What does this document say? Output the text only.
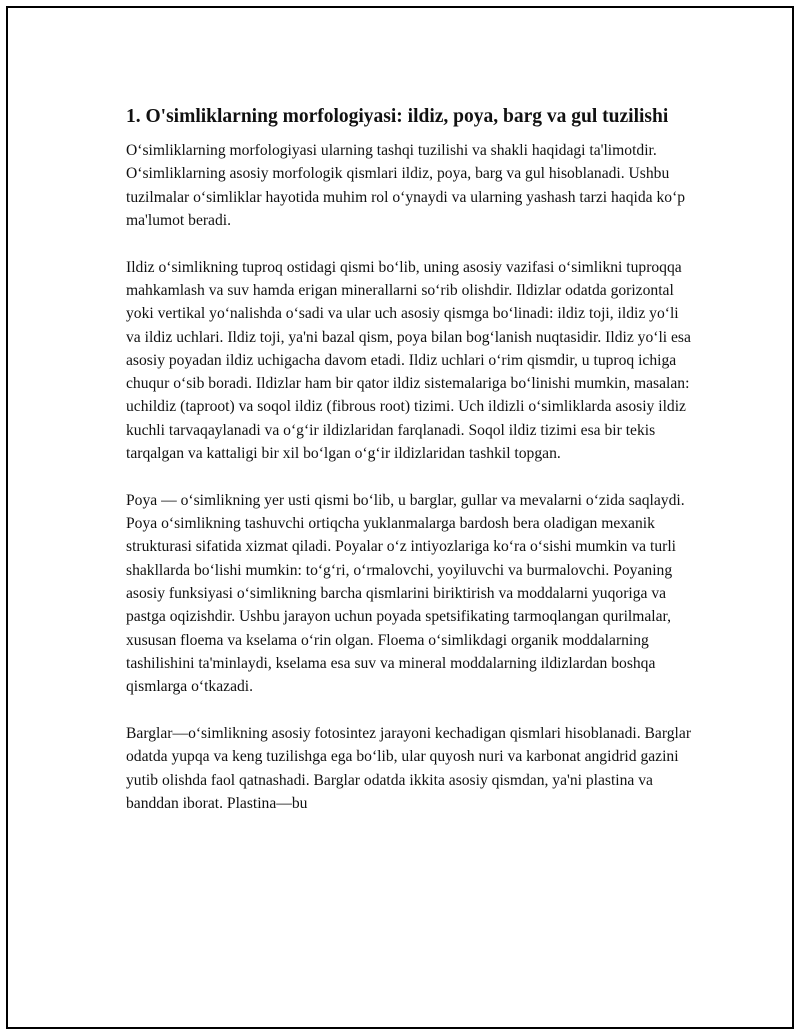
1. O'simliklarning morfologiyasi: ildiz, poya, barg va gul tuzilishi

O‘simliklarning morfologiyasi ularning tashqi tuzilishi va shakli haqidagi ta'limotdir. O‘simliklarning asosiy morfologik qismlari ildiz, poya, barg va gul hisoblanadi. Ushbu tuzilmalar o‘simliklar hayotida muhim rol o‘ynaydi va ularning yashash tarzi haqida ko‘p ma'lumot beradi.

Ildiz o‘simlikning tuproq ostidagi qismi bo‘lib, uning asosiy vazifasi o‘simlikni tuproqqa mahkamlash va suv hamda erigan minerallarni so‘rib olishdir. Ildizlar odatda gorizontal yoki vertikal yo‘nalishda o‘sadi va ular uch asosiy qismga bo‘linadi: ildiz toji, ildiz yo‘li va ildiz uchlari. Ildiz toji, ya'ni bazal qism, poya bilan bog‘lanish nuqtasidir. Ildiz yo‘li esa asosiy poyadan ildiz uchigacha davom etadi. Ildiz uchlari o‘rim qismdir, u tuproq ichiga chuqur o‘sib boradi. Ildizlar ham bir qator ildiz sistemalariga bo‘linishi mumkin, masalan: uchildiz (taproot) va soqol ildiz (fibrous root) tizimi. Uch ildizli o‘simliklarda asosiy ildiz kuchli tarvaqaylanadi va o‘g‘ir ildizlaridan farqlanadi. Soqol ildiz tizimi esa bir tekis tarqalgan va kattaligi bir xil bo‘lgan o‘g‘ir ildizlaridan tashkil topgan.

Poya — o‘simlikning yer usti qismi bo‘lib, u barglar, gullar va mevalarni o‘zida saqlaydi. Poya o‘simlikning tashuvchi ortiqcha yuklanmalarga bardosh bera oladigan mexanik strukturasi sifatida xizmat qiladi. Poyalar o‘z intiyozlariga ko‘ra o‘sishi mumkin va turli shakllarda bo‘lishi mumkin: to‘g‘ri, o‘rmalovchi, yoyiluvchi va burmalovchi. Poyaning asosiy funksiyasi o‘simlikning barcha qismlarini biriktirish va moddalarni yuqoriga va pastga oqizishdir. Ushbu jarayon uchun poyada spetsifikating tarmoqlangan qurilmalar, xususan floema va kselama o‘rin olgan. Floema o‘simlikdagi organik moddalarning tashilishini ta'minlaydi, kselama esa suv va mineral moddalarning ildizlardan boshqa qismlarga o‘tkazadi.

Barglar—o‘simlikning asosiy fotosintez jarayoni kechadigan qismlari hisoblanadi. Barglar odatda yupqa va keng tuzilishga ega bo‘lib, ular quyosh nuri va karbonat angidrid gazini yutib olishda faol qatnashadi. Barglar odatda ikkita asosiy qismdan, ya'ni plastina va banddan iborat. Plastina—bu
